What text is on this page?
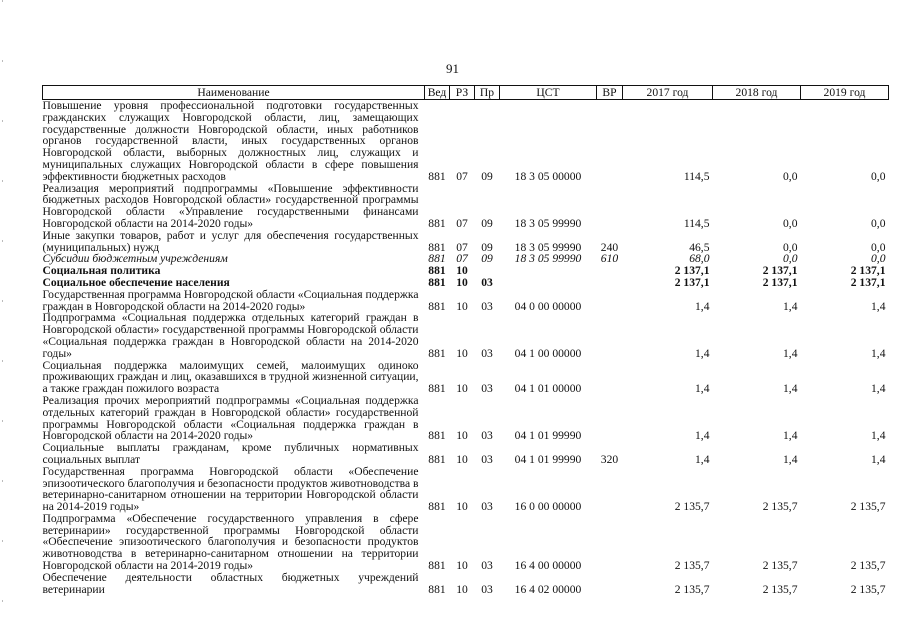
91
Наименование	Вед	РЗ	Пр	ЦСТ	ВР	2017 год	2018 год	2019 год
Повышение уровня профессиональной подготовки государственных гражданских служащих Новгородской области, лиц, замещающих государственные должности Новгородской области, иных работников органов государственной власти, иных государственных органов Новгородской области, выборных должностных лиц, служащих и муниципальных служащих Новгородской области в сфере повышения эффективности бюджетных расходов	881	07	09	18 3 05 00000		114,5	0,0	0,0
Реализация мероприятий подпрограммы «Повышение эффективности бюджетных расходов Новгородской области» государственной программы Новгородской области «Управление государственными финансами Новгородской области на 2014-2020 годы»	881	07	09	18 3 05 99990		114,5	0,0	0,0
Иные закупки товаров, работ и услуг для обеспечения государственных (муниципальных) нужд	881	07	09	18 3 05 99990	240	46,5	0,0	0,0
Субсидии бюджетным учреждениям	881	07	09	18 3 05 99990	610	68,0	0,0	0,0
Социальная политика	881	10				2 137,1	2 137,1	2 137,1
Социальное обеспечение населения	881	10	03			2 137,1	2 137,1	2 137,1
Государственная программа Новгородской области «Социальная поддержка граждан в Новгородской области на 2014-2020 годы»	881	10	03	04 0 00 00000		1,4	1,4	1,4
Подпрограмма «Социальная поддержка отдельных категорий граждан в Новгородской области» государственной программы Новгородской области «Социальная поддержка граждан в Новгородской области на 2014-2020 годы»	881	10	03	04 1 00 00000		1,4	1,4	1,4
Социальная поддержка малоимущих семей, малоимущих одиноко проживающих граждан и лиц, оказавшихся в трудной жизненной ситуации, а также граждан пожилого возраста	881	10	03	04 1 01 00000		1,4	1,4	1,4
Реализация прочих мероприятий подпрограммы «Социальная поддержка отдельных категорий граждан в Новгородской области» государственной программы Новгородской области «Социальная поддержка граждан в Новгородской области на 2014-2020 годы»	881	10	03	04 1 01 99990		1,4	1,4	1,4
Социальные выплаты гражданам, кроме публичных нормативных социальных выплат	881	10	03	04 1 01 99990	320	1,4	1,4	1,4
Государственная программа Новгородской области «Обеспечение эпизоотического благополучия и безопасности продуктов животноводства в ветеринарно-санитарном отношении на территории Новгородской области на 2014-2019 годы»	881	10	03	16 0 00 00000		2 135,7	2 135,7	2 135,7
Подпрограмма «Обеспечение государственного управления в сфере ветеринарии» государственной программы Новгородской области «Обеспечение эпизоотического благополучия и безопасности продуктов животноводства в ветеринарно-санитарном отношении на территории Новгородской области на 2014-2019 годы»	881	10	03	16 4 00 00000		2 135,7	2 135,7	2 135,7
Обеспечение деятельности областных бюджетных учреждений ветеринарии	881	10	03	16 4 02 00000		2 135,7	2 135,7	2 135,7
